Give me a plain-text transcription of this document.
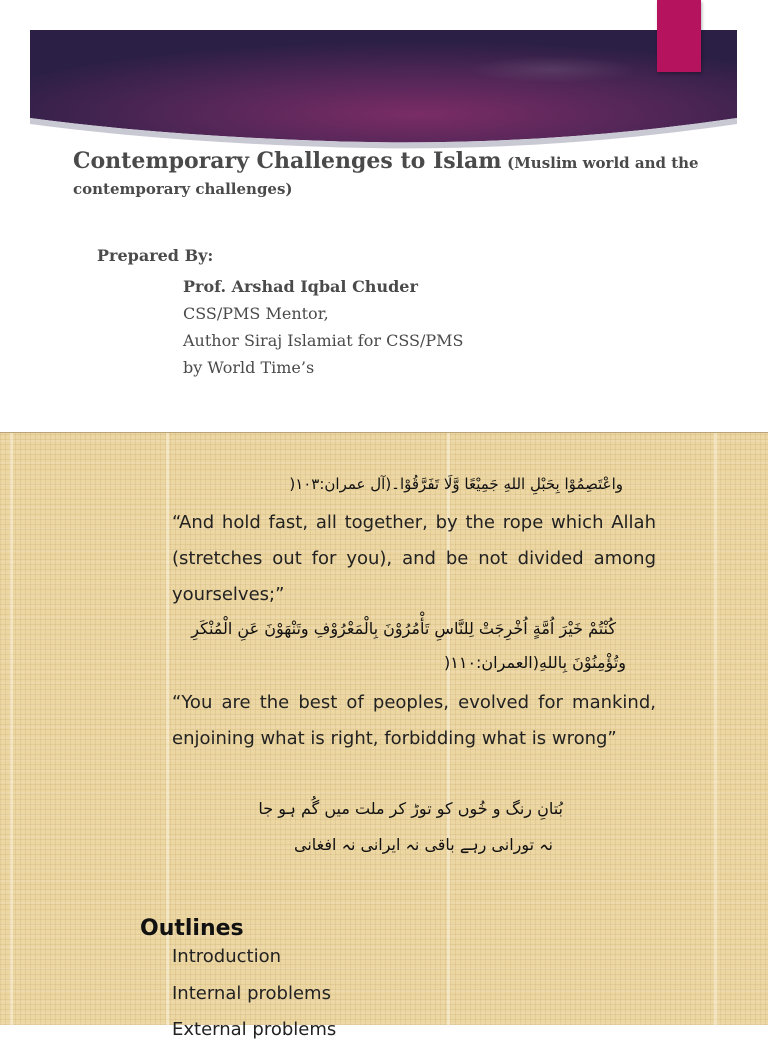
Contemporary Challenges to Islam (Muslim world and the contemporary challenges)
Prepared By:
Prof. Arshad Iqbal Chuder
CSS/PMS Mentor,
Author Siraj Islamiat for CSS/PMS
by World Time’s
واعْتَصِمُوْا بِحَبْلِ اللهِ جَمِيْعًا وَّلَا تَفَرَّقُوْا۔(آل عمران:١٠٣(
“And hold fast, all together, by the rope which Allah (stretches out for you), and be not divided among yourselves;”
كُنْتُمْ خَيْرَ اُمَّةٍ اُخْرِجَتْ لِلنَّاسِ تَأْمُرُوْنَ بِالْمَعْرُوْفِ وتَنْهَوْنَ عَنِ الْمُنْكَرِ
وتُؤْمِنُوْنَ بِاللهِ(العمران:١١٠(
“You are the best of peoples, evolved for mankind, enjoining what is right, forbidding what is wrong”
بُتانِ رنگ و خُوں کو توڑ کر ملت میں گُم ہو جا
نہ تورانی رہے باقی نہ ایرانی نہ افغانی
Outlines
Introduction
Internal problems
External problems
